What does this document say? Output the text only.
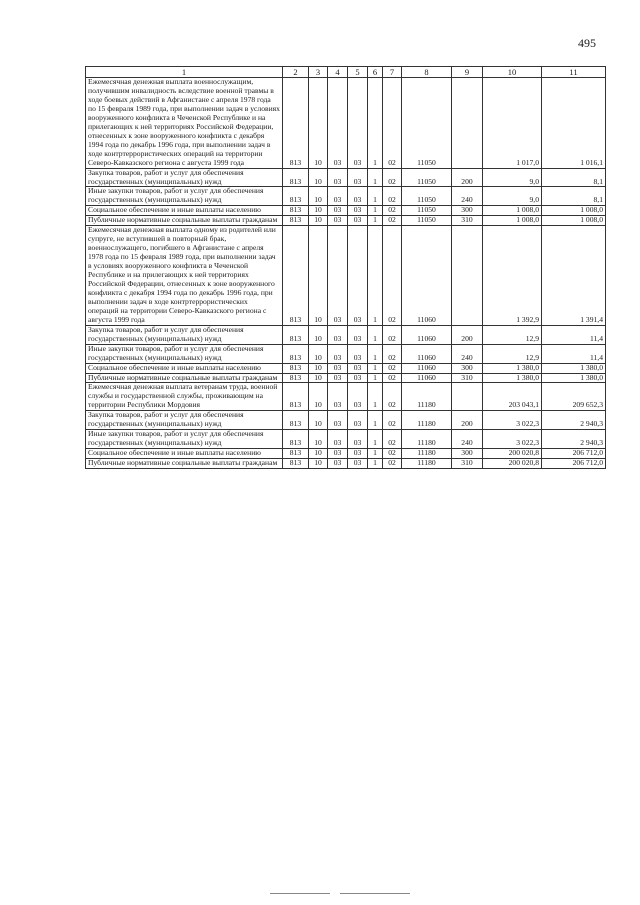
495
1	2	3	4	5	6	7	8	9	10	11
Ежемесячная денежная выплата военнослужащим, получившим инвалидность вследствие военной травмы в ходе боевых действий в Афганистане с апреля 1978 года по 15 февраля 1989 года, при выполнении задач в условиях вооруженного конфликта в Чеченской Республике и на прилегающих к ней территориях Российской Федерации, отнесенных к зоне вооруженного конфликта с декабря 1994 года по декабрь 1996 года, при выполнении задач в ходе контртеррористических операций на территории Северо-Кавказского региона с августа 1999 года	813	10	03	03	1	02	11050		1 017,0	1 016,1
Закупка товаров, работ и услуг для обеспечения государственных (муниципальных) нужд	813	10	03	03	1	02	11050	200	9,0	8,1
Иные закупки товаров, работ и услуг для обеспечения государственных (муниципальных) нужд	813	10	03	03	1	02	11050	240	9,0	8,1
Социальное обеспечение и иные выплаты населению	813	10	03	03	1	02	11050	300	1 008,0	1 008,0
Публичные нормативные социальные выплаты гражданам	813	10	03	03	1	02	11050	310	1 008,0	1 008,0
Ежемесячная денежная выплата одному из родителей или супруге, не вступившей в повторный брак, военнослужащего, погибшего в Афганистане с апреля 1978 года по 15 февраля 1989 года, при выполнении задач в условиях вооруженного конфликта в Чеченской Республике и на прилегающих к ней территориях Российской Федерации, отнесенных к зоне вооруженного конфликта с декабря 1994 года по декабрь 1996 года, при выполнении задач в ходе контртеррористических операций на территории Северо-Кавказского региона с августа 1999 года	813	10	03	03	1	02	11060		1 392,9	1 391,4
Закупка товаров, работ и услуг для обеспечения государственных (муниципальных) нужд	813	10	03	03	1	02	11060	200	12,9	11,4
Иные закупки товаров, работ и услуг для обеспечения государственных (муниципальных) нужд	813	10	03	03	1	02	11060	240	12,9	11,4
Социальное обеспечение и иные выплаты населению	813	10	03	03	1	02	11060	300	1 380,0	1 380,0
Публичные нормативные социальные выплаты гражданам	813	10	03	03	1	02	11060	310	1 380,0	1 380,0
Ежемесячная денежная выплата ветеранам труда, военной службы и государственной службы, проживающим на территории Республики Мордовия	813	10	03	03	1	02	11180		203 043,1	209 652,3
Закупка товаров, работ и услуг для обеспечения государственных (муниципальных) нужд	813	10	03	03	1	02	11180	200	3 022,3	2 940,3
Иные закупки товаров, работ и услуг для обеспечения государственных (муниципальных) нужд	813	10	03	03	1	02	11180	240	3 022,3	2 940,3
Социальное обеспечение и иные выплаты населению	813	10	03	03	1	02	11180	300	200 020,8	206 712,0
Публичные нормативные социальные выплаты гражданам	813	10	03	03	1	02	11180	310	200 020,8	206 712,0
